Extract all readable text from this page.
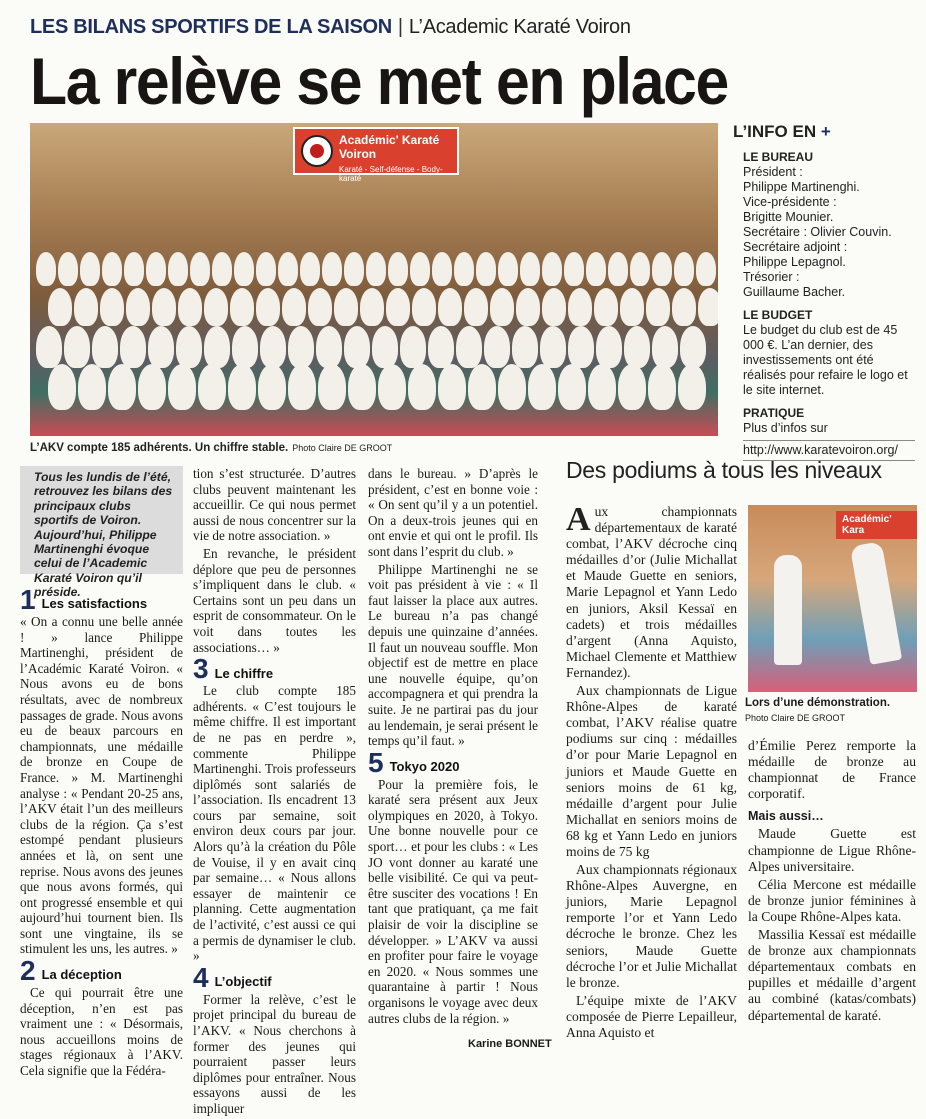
LES BILANS SPORTIFS DE LA SAISON | L’Academic Karaté Voiron
La relève se met en place
Académic' Karaté Voiron
Karaté - Self-défense - Body-karaté
L’AKV compte 185 adhérents. Un chiffre stable. Photo Claire DE GROOT
L’INFO EN +
LE BUREAU

Président :

Philippe Martinenghi.

Vice-présidente :

Brigitte Mounier.

Secrétaire : Olivier Couvin.

Secrétaire adjoint :

Philippe Lepagnol.

Trésorier :

Guillaume Bacher.

LE BUDGET

Le budget du club est de 45 000 €. L’an dernier, des investissements ont été réalisés pour refaire le logo et le site internet.

PRATIQUE

Plus d’infos sur

http://www.karatevoiron.org/

Tous les lundis de l’été, retrouvez les bilans des principaux clubs sportifs de Voiron. Aujourd’hui, Philippe Martinenghi évoque celui de l’Academic Karaté Voiron qu’il préside.
1 Les satisfactions

« On a connu une belle année ! » lance Philippe Martinenghi, président de l’Académic Karaté Voiron. « Nous avons eu de bons résultats, avec de nombreux passages de grade. Nous avons eu de beaux parcours en championnats, une médaille de bronze en Coupe de France. » M. Martinenghi analyse : « Pendant 20-25 ans, l’AKV était l’un des meilleurs clubs de la région. Ça s’est estompé pendant plusieurs années et là, on sent une reprise. Nous avons des jeunes que nous avons formés, qui ont progressé ensemble et qui aujourd’hui tournent bien. Ils sont une vingtaine, ils se stimulent les uns, les autres. »

2 La déception

Ce qui pourrait être une déception, n’en est pas vraiment une : « Désormais, nous accueillons moins de stages régionaux à l’AKV. Cela signifie que la Fédéra-

tion s’est structurée. D’autres clubs peuvent maintenant les accueillir. Ce qui nous permet aussi de nous concentrer sur la vie de notre association. »

En revanche, le président déplore que peu de personnes s’impliquent dans le club. « Certains sont un peu dans un esprit de consommateur. On le voit dans toutes les associations… »

3 Le chiffre

Le club compte 185 adhérents. « C’est toujours le même chiffre. Il est important de ne pas en perdre », commente Philippe Martinenghi. Trois professeurs diplômés sont salariés de l’association. Ils encadrent 13 cours par semaine, soit environ deux cours par jour. Alors qu’à la création du Pôle de Vouise, il y en avait cinq par semaine… « Nous allons essayer de maintenir ce planning. Cette augmentation de l’activité, c’est aussi ce qui a permis de dynamiser le club. »

4 L’objectif

Former la relève, c’est le projet principal du bureau de l’AKV. « Nous cherchons à former des jeunes qui pourraient passer leurs diplômes pour entraîner. Nous essayons aussi de les impliquer

dans le bureau. » D’après le président, c’est en bonne voie : « On sent qu’il y a un potentiel. On a deux-trois jeunes qui en ont envie et qui ont le profil. Ils sont dans l’esprit du club. »

Philippe Martinenghi ne se voit pas président à vie : « Il faut laisser la place aux autres. Le bureau n’a pas changé depuis une quinzaine d’années. Il faut un nouveau souffle. Mon objectif est de mettre en place une nouvelle équipe, qu’on accompagnera et qui prendra la suite. Je ne partirai pas du jour au lendemain, je serai présent le temps qu’il faut. »

5 Tokyo 2020

Pour la première fois, le karaté sera présent aux Jeux olympiques en 2020, à Tokyo. Une bonne nouvelle pour ce sport… et pour les clubs : « Les JO vont donner au karaté une belle visibilité. Ce qui va peut-être susciter des vocations ! En tant que pratiquant, ça me fait plaisir de voir la discipline se développer. » L’AKV va aussi en profiter pour faire le voyage en 2020. « Nous sommes une quarantaine à partir ! Nous organisons le voyage avec deux autres clubs de la région. »

Karine BONNET
Des podiums à tous les niveaux

Aux championnats départementaux de karaté combat, l’AKV décroche cinq médailles d’or (Julie Michallat et Maude Guette en seniors, Marie Lepagnol et Yann Ledo en juniors, Aksil Kessaï en cadets) et trois médailles d’argent (Anna Aquisto, Michael Clemente et Matthiew Fernandez).

Aux championnats de Ligue Rhône-Alpes de karaté combat, l’AKV réalise quatre podiums sur cinq : médailles d’or pour Marie Lepagnol en juniors et Maude Guette en seniors moins de 61 kg, médaille d’argent pour Julie Michallat en seniors moins de 68 kg et Yann Ledo en juniors moins de 75 kg

Aux championnats régionaux Rhône-Alpes Auvergne, en juniors, Marie Lepagnol remporte l’or et Yann Ledo décroche le bronze. Chez les seniors, Maude Guette décroche l’or et Julie Michallat le bronze.

L’équipe mixte de l’AKV composée de Pierre Lepailleur, Anna Aquisto et

Académic' Kara
Lors d’une démonstration.
Photo Claire DE GROOT

d’Émilie Perez remporte la médaille de bronze au championnat de France corporatif.

Mais aussi…

Maude Guette est championne de Ligue Rhône-Alpes universitaire.

Célia Mercone est médaille de bronze junior féminines à la Coupe Rhône-Alpes kata.

Massilia Kessaï est médaille de bronze aux championnats départementaux combats en pupilles et médaille d’argent au combiné (katas/combats) départemental de karaté.
